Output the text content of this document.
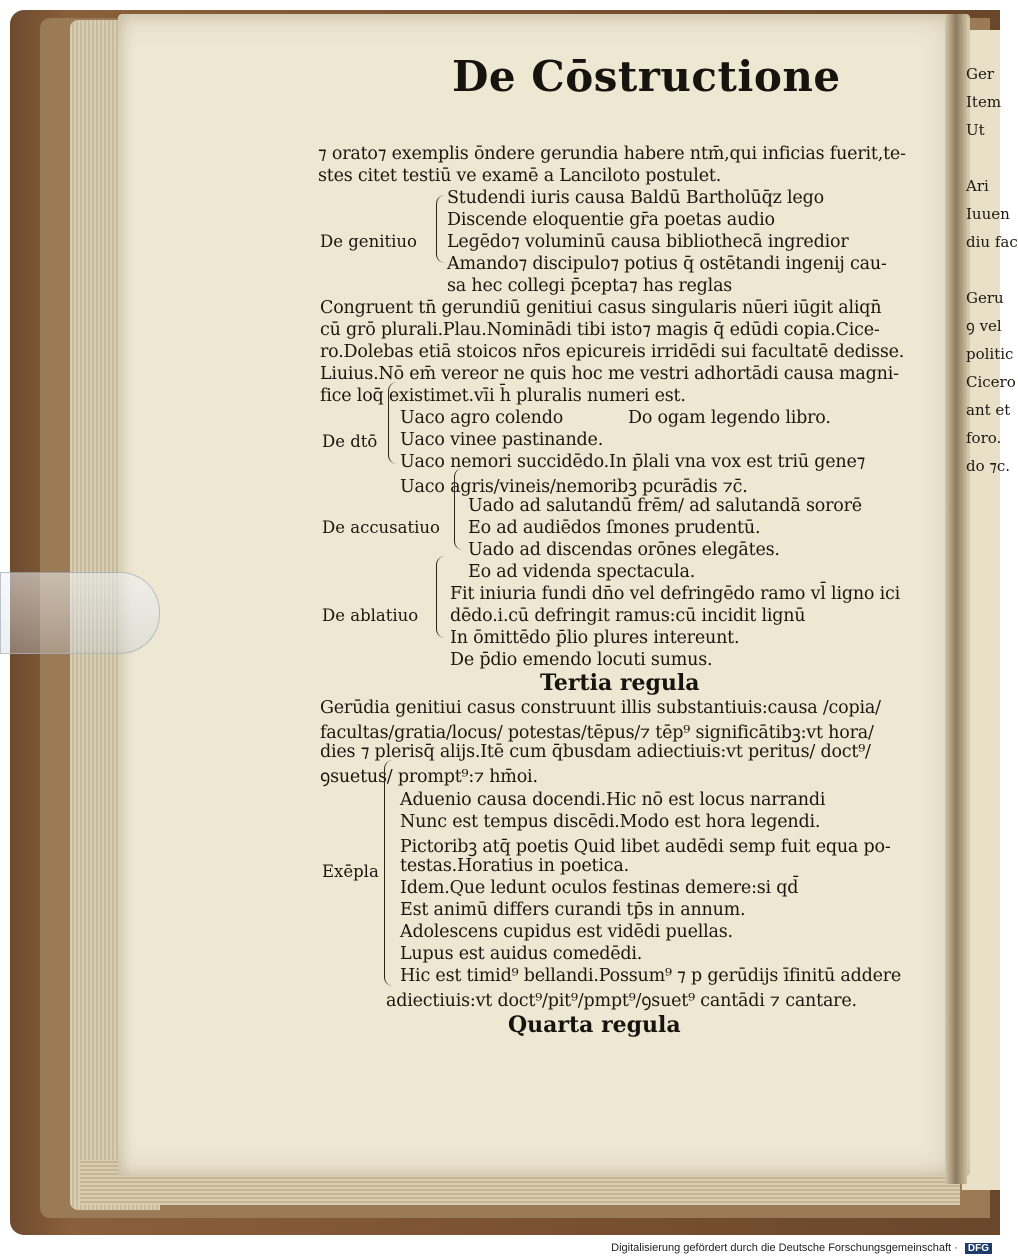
Ger
Item
Ut

Ari
Iuuen
diu fac

Geru
ꝯ vel
politic
Cicero
ant et
foro.
do ⁊c.
De Cōstructione
⁊ orato⁊ exemplis ōndere gerundia habere ntm̄,qui inficias fuerit,te-
stes citet testiū ve examē a Lanciloto postulet.
De genitiuo
Studendi iuris causa Baldū Bartholūq̄z lego
Discende eloquentie gr̄a poetas audio
Legēdo⁊ voluminū causa bibliothecā ingredior
Amando⁊ discipulo⁊ potius q̄ ostētandi ingenij cau-
sa hec collegi p̄cepta⁊ has reglas
Congruent tn̄ gerundiū genitiui casus singularis nūeri iūgit aliqn̄
cū grō plurali.Plau.Nominādi tibi isto⁊ magis q̄ edūdi copia.Cice-
ro.Dolebas etiā stoicos nr̄os epicureis irridēdi sui facultatē dedisse.
Liuius.Nō em̄ vereor ne quis hoc me vestri adhortādi causa magni-
fice loq̄ existimet.vīi h̄ pluralis numeri est.
De dtō
Uaco agro colendo	Do ogam legendo libro.
Uaco vinee pastinande.
Uaco nemori succidēdo.In p̄lali vna vox est triū gene⁊
Uaco agris/vineis/nemoribꝫ pcurādis ⁊c̄.
De accusatiuo
Uado ad salutandū frēm/ ad salutandā sororē
Eo ad audiēdos ſmones prudentū.
Uado ad discendas orōnes elegātes.
Eo ad videnda spectacula.
De ablatiuo
Fit iniuria fundi dn̄o vel defringēdo ramo vl̄ ligno ici
dēdo.i.cū defringit ramus:cū incidit lignū
In ōmittēdo p̄lio plures intereunt.
De p̄dio emendo locuti sumus.
Tertia regula
Gerūdia genitiui casus construunt illis substantiuis:causa /copia/
facultas/gratia/locus/ potestas/tēpus/⁊ tēp⁹ significātibꝫ:vt hora/
dies ⁊ plerisq̄ alijs.Itē cum q̄busdam adiectiuis:vt peritus/ doct⁹/
ꝯsuetus/ prompt⁹:⁊ hm̄oi.
Exēpla
Aduenio causa docendi.Hic nō est locus narrandi
Nunc est tempus discēdi.Modo est hora legendi.
Pictoribꝫ atq̄ poetis Quid libet audēdi semp fuit equa po-
testas.Horatius in poetica.
Idem.Que ledunt oculos festinas demere:si qd̄
Est animū differs curandi tp̄s in annum.
Adolescens cupidus est vidēdi puellas.
Lupus est auidus comedēdi.
Hic est timid⁹ bellandi.Possum⁹ ⁊ p gerūdijs īfinitū addere
adiectiuis:vt doct⁹/pit⁹/pmpt⁹/ꝯsuet⁹ cantādi ⁊ cantare.
Quarta regula
Digitalisierung gefördert durch die Deutsche Forschungsgemeinschaft · DFG
